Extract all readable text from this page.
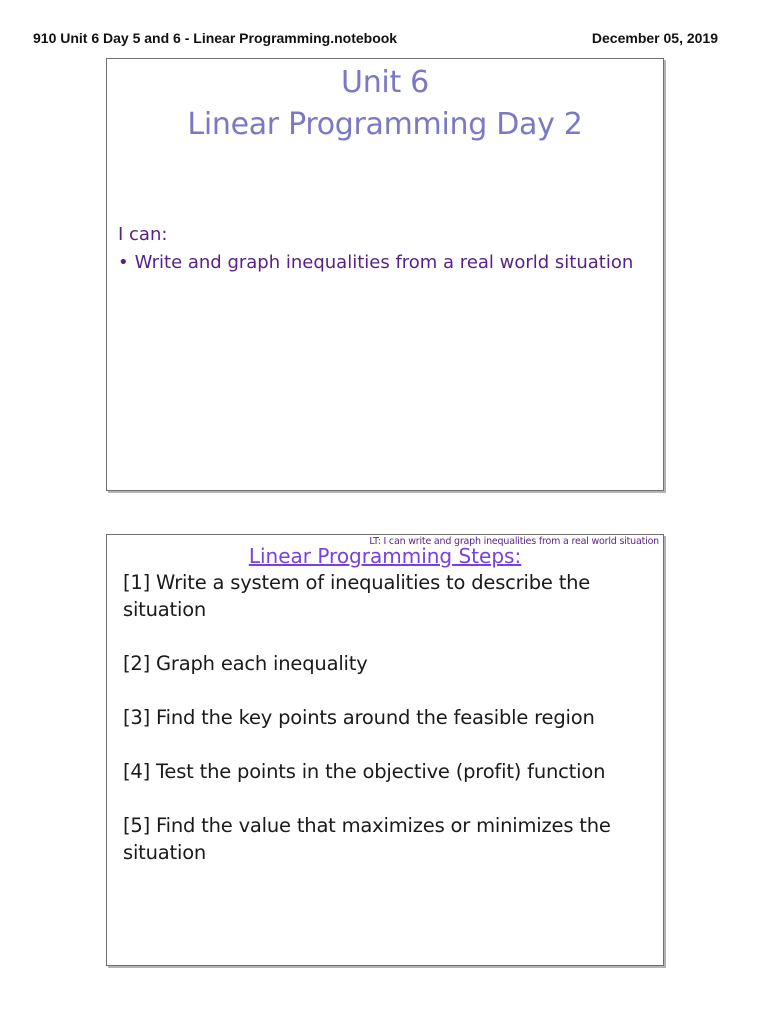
910 Unit 6 Day 5 and 6 - Linear Programming.notebook	December 05, 2019
Unit 6
Linear Programming Day 2
I can:
• Write and graph inequalities from a real world situation
LT: I can write and graph inequalities from a real world situation
Linear Programming Steps:
[1] Write a system of inequalities to describe the situation
[2] Graph each inequality
[3] Find the key points around the feasible region
[4] Test the points in the objective (profit) function
[5] Find the value that maximizes or minimizes the situation
